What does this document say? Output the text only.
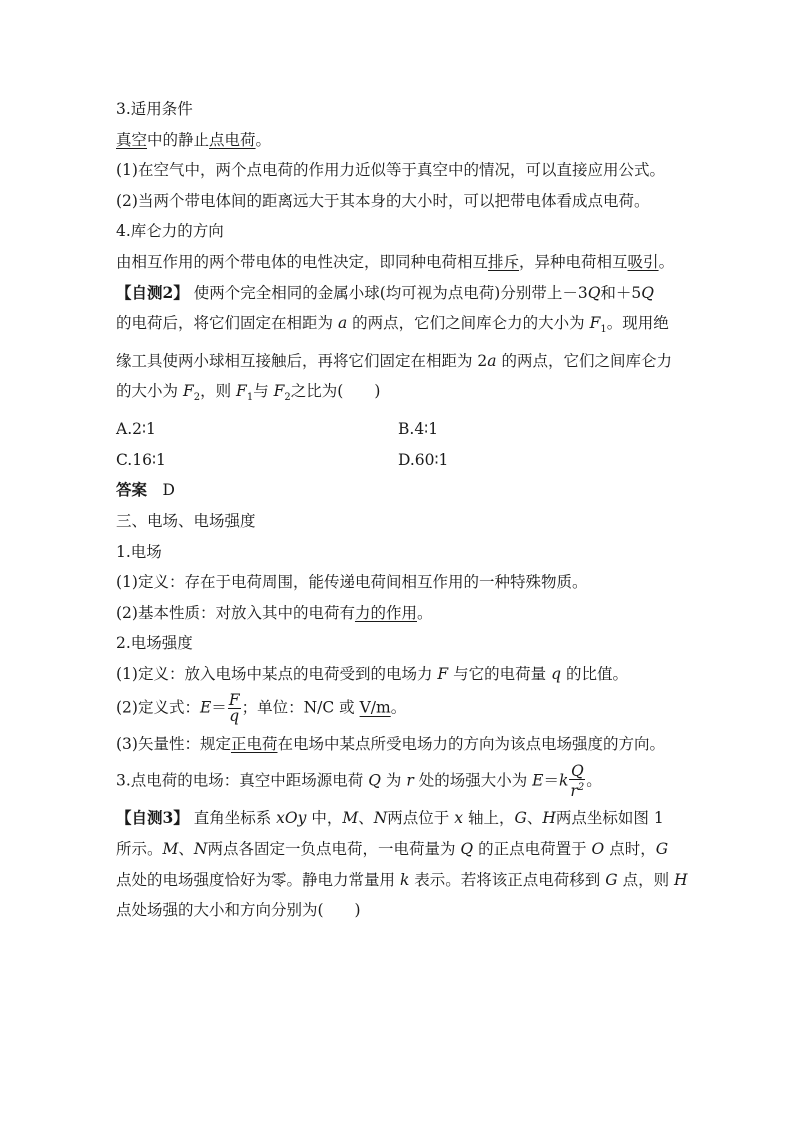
3.适用条件

真空中的静止点电荷。

(1)在空气中，两个点电荷的作用力近似等于真空中的情况，可以直接应用公式。

(2)当两个带电体间的距离远大于其本身的大小时，可以把带电体看成点电荷。

4.库仑力的方向

由相互作用的两个带电体的电性决定，即同种电荷相互排斥，异种电荷相互吸引。

【自测2】 使两个完全相同的金属小球(均可视为点电荷)分别带上－3Q和＋5Q

的电荷后，将它们固定在相距为 a 的两点，它们之间库仑力的大小为 $F_1$。现用绝

缘工具使两小球相互接触后，再将它们固定在相距为 2a 的两点，它们之间库仑力

的大小为 $F_2$，则 $F_1$与 $F_2$之比为(　　)

A.2∶1	B.4∶1
C.16∶1	D.60∶1

答案　 D

三、电场、电场强度

1.电场

(1)定义：存在于电荷周围，能传递电荷间相互作用的一种特殊物质。

(2)基本性质：对放入其中的电荷有力的作用。

2.电场强度

(1)定义：放入电场中某点的电荷受到的电场力 F 与它的电荷量 q 的比值。

(2)定义式：$E= \frac{F}{q}$ ；单位：N/C 或 V/m。

(3)矢量性：规定正电荷在电场中某点所受电场力的方向为该点电场强度的方向。

3.点电荷的电场：真空中距场源电荷 Q 为 r 处的场强大小为 $E=k \frac{Q}{r^2}$ 。

【自测3】 直角坐标系 xOy 中，M、N两点位于 x 轴上，G、H两点坐标如图 1

所示。M、N两点各固定一负点电荷，一电荷量为 Q 的正点电荷置于 O 点时，G

点处的电场强度恰好为零。静电力常量用 k 表示。若将该正点电荷移到 G 点，则 H

点处场强的大小和方向分别为(　　)
